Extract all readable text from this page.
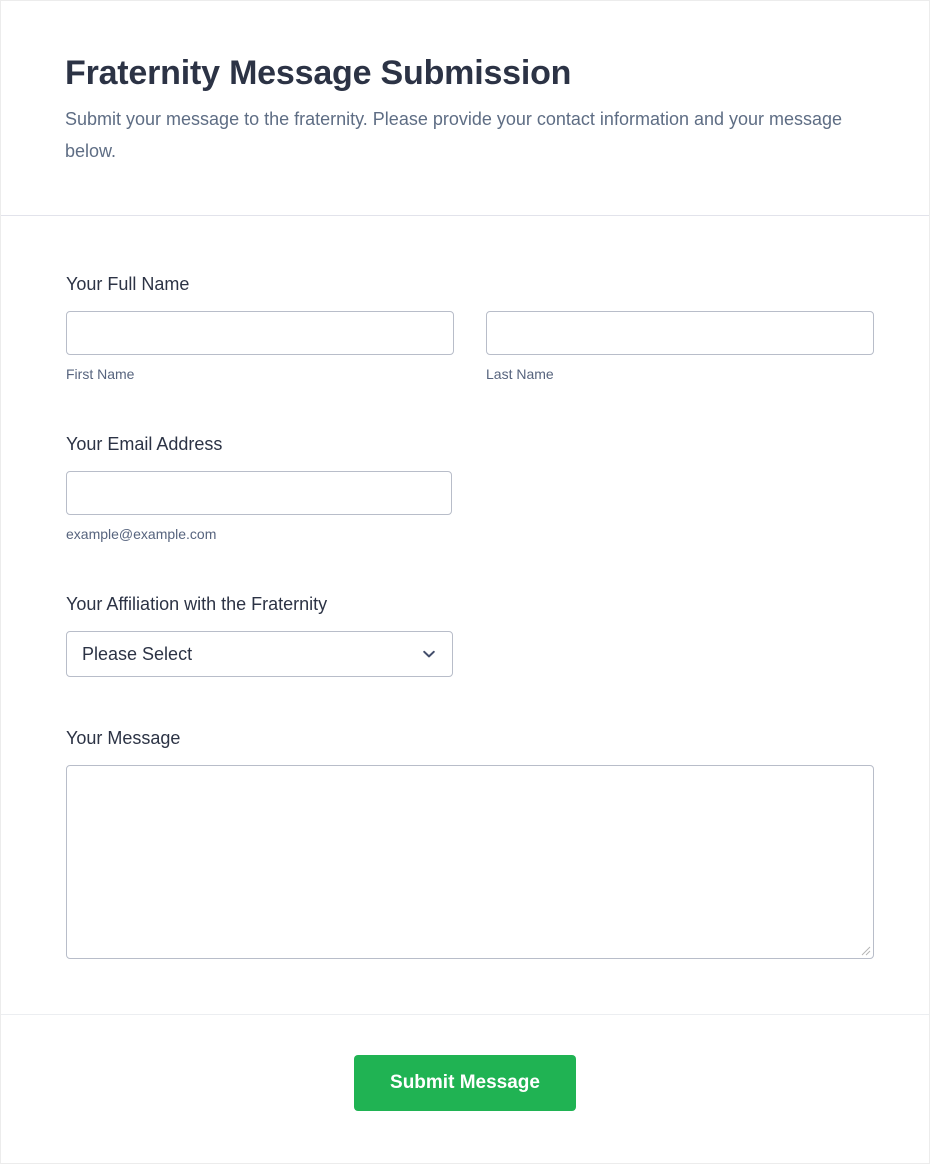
Fraternity Message Submission

Submit your message to the fraternity. Please provide your contact information and your message below.

Your Full Name
First Name	Last Name
Your Email Address
example@example.com
Your Affiliation with the Fraternity
Please Select
Your Message
Submit Message
